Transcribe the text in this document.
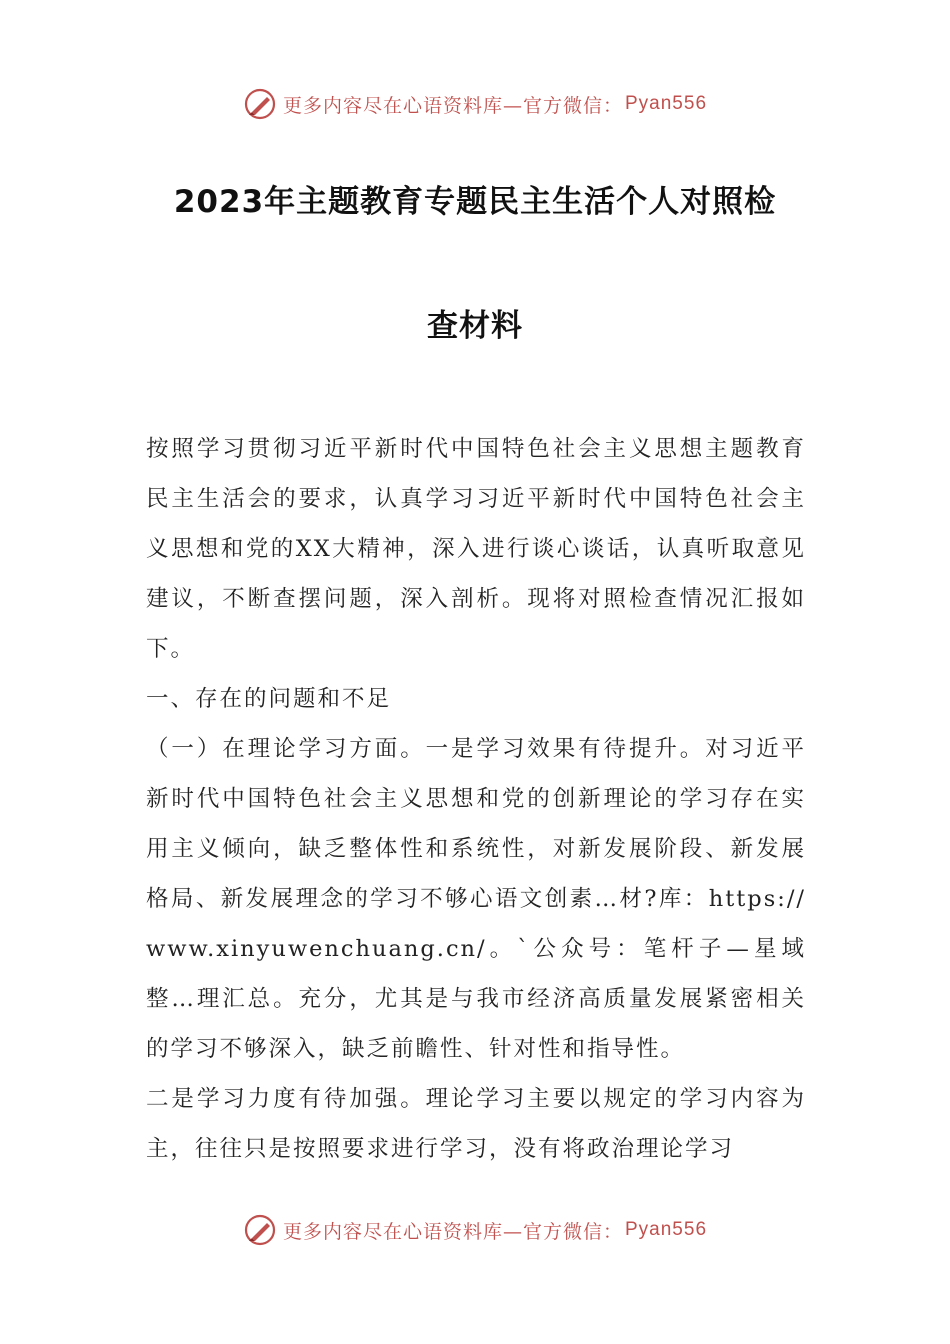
更多内容尽在心语资料库—官方微信： Pyan556
2023年主题教育专题民主生活个人对照检
查材料

按照学习贯彻习近平新时代中国特色社会主义思想主题教育民主生活会的要求，认真学习习近平新时代中国特色社会主义思想和党的XX大精神，深入进行谈心谈话，认真听取意见建议，不断查摆问题，深入剖析。现将对照检查情况汇报如下。

一、存在的问题和不足

（一）在理论学习方面。一是学习效果有待提升。对习近平新时代中国特色社会主义思想和党的创新理论的学习存在实用主义倾向，缺乏整体性和系统性，对新发展阶段、新发展格局、新发展理念的学习不够心语文创素…材?库：https://www.xinyuwenchuang.cn/。`公众号：笔杆子—星域整…理汇总。充分，尤其是与我市经济高质量发展紧密相关的学习不够深入，缺乏前瞻性、针对性和指导性。

二是学习力度有待加强。理论学习主要以规定的学习内容为主，往往只是按照要求进行学习，没有将政治理论学习

更多内容尽在心语资料库—官方微信： Pyan556
